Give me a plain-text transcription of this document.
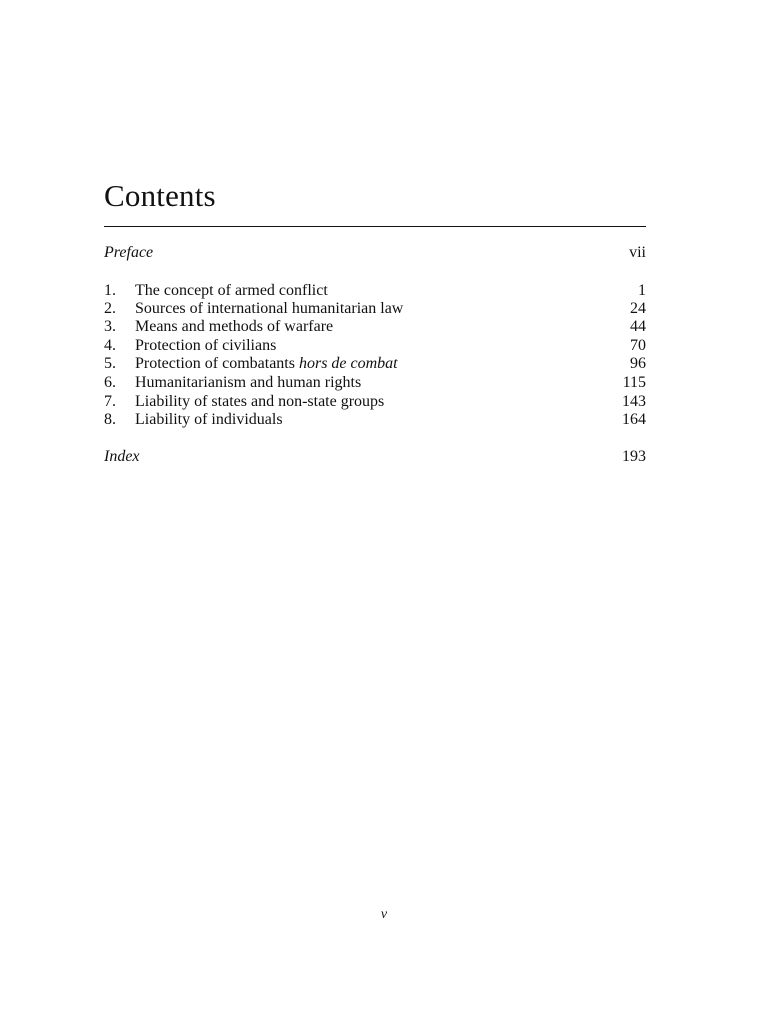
Contents
Preface	vii
1. The concept of armed conflict	1
2. Sources of international humanitarian law	24
3. Means and methods of warfare	44
4. Protection of civilians	70
5. Protection of combatants hors de combat	96
6. Humanitarianism and human rights	115
7. Liability of states and non-state groups	143
8. Liability of individuals	164
Index	193
v
